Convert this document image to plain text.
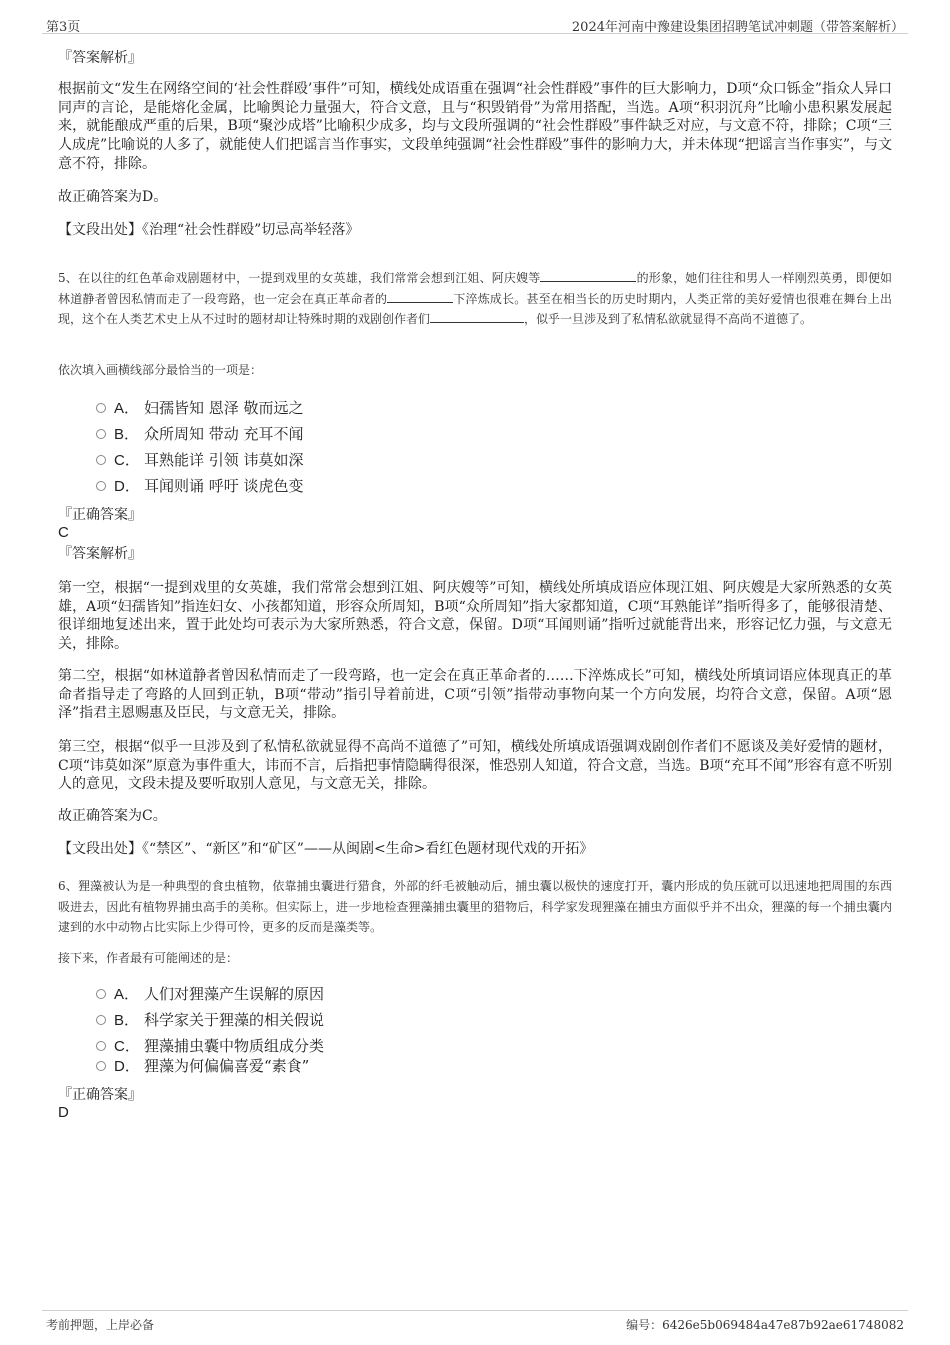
第3页	2024年河南中豫建设集团招聘笔试冲刺题（带答案解析）
『答案解析』
根据前文“发生在网络空间的‘社会性群殴’事件”可知，横线处成语重在强调“社会性群殴”事件的巨大影响力，D项“众口铄金”指众人异口同声的言论，是能熔化金属，比喻舆论力量强大，符合文意，且与“积毁销骨”为常用搭配，当选。A项“积羽沉舟”比喻小患积累发展起来，就能酿成严重的后果，B项“聚沙成塔”比喻积少成多，均与文段所强调的“社会性群殴”事件缺乏对应，与文意不符，排除；C项“三人成虎”比喻说的人多了，就能使人们把谣言当作事实，文段单纯强调“社会性群殴”事件的影响力大，并未体现“把谣言当作事实”，与文意不符，排除。
故正确答案为D。
【文段出处】《治理“社会性群殴”切忌高举轻落》
5、在以往的红色革命戏剧题材中，一提到戏里的女英雄，我们常常会想到江姐、阿庆嫂等	的形象，她们往往和男人一样刚烈英勇，即便如林道静者曾因私情而走了一段弯路，也一定会在真正革命者的	下淬炼成长。甚至在相当长的历史时期内，人类正常的美好爱情也很难在舞台上出现，这个在人类艺术史上从不过时的题材却让特殊时期的戏剧创作者们	，似乎一旦涉及到了私情私欲就显得不高尚不道德了。
依次填入画横线部分最恰当的一项是：
A． 妇孺皆知 恩泽 敬而远之
B． 众所周知 带动 充耳不闻
C． 耳熟能详 引领 讳莫如深
D． 耳闻则诵 呼吁 谈虎色变
『正确答案』
C
『答案解析』
第一空，根据“一提到戏里的女英雄，我们常常会想到江姐、阿庆嫂等”可知，横线处所填成语应体现江姐、阿庆嫂是大家所熟悉的女英雄，A项“妇孺皆知”指连妇女、小孩都知道，形容众所周知，B项“众所周知”指大家都知道，C项“耳熟能详”指听得多了，能够很清楚、很详细地复述出来，置于此处均可表示为大家所熟悉，符合文意，保留。D项“耳闻则诵”指听过就能背出来，形容记忆力强，与文意无关，排除。
第二空，根据“如林道静者曾因私情而走了一段弯路，也一定会在真正革命者的……下淬炼成长”可知，横线处所填词语应体现真正的革命者指导走了弯路的人回到正轨，B项“带动”指引导着前进，C项“引领”指带动事物向某一个方向发展，均符合文意，保留。A项“恩泽”指君主恩赐惠及臣民，与文意无关，排除。
第三空，根据“似乎一旦涉及到了私情私欲就显得不高尚不道德了”可知，横线处所填成语强调戏剧创作者们不愿谈及美好爱情的题材，C项“讳莫如深”原意为事件重大，讳而不言，后指把事情隐瞒得很深，惟恐别人知道，符合文意，当选。B项“充耳不闻”形容有意不听别人的意见，文段未提及要听取别人意见，与文意无关，排除。
故正确答案为C。
【文段出处】《“禁区”、“新区”和“矿区”——从闽剧<生命>看红色题材现代戏的开拓》
6、狸藻被认为是一种典型的食虫植物，依靠捕虫囊进行猎食，外部的纤毛被触动后，捕虫囊以极快的速度打开，囊内形成的负压就可以迅速地把周围的东西吸进去，因此有植物界捕虫高手的美称。但实际上，进一步地检查狸藻捕虫囊里的猎物后，科学家发现狸藻在捕虫方面似乎并不出众，狸藻的每一个捕虫囊内逮到的水中动物占比实际上少得可怜，更多的反而是藻类等。
接下来，作者最有可能阐述的是：
A． 人们对狸藻产生误解的原因
B． 科学家关于狸藻的相关假说
C． 狸藻捕虫囊中物质组成分类
D． 狸藻为何偏偏喜爱“素食”
『正确答案』
D
考前押题，上岸必备	编号：6426e5b069484a47e87b92ae61748082
